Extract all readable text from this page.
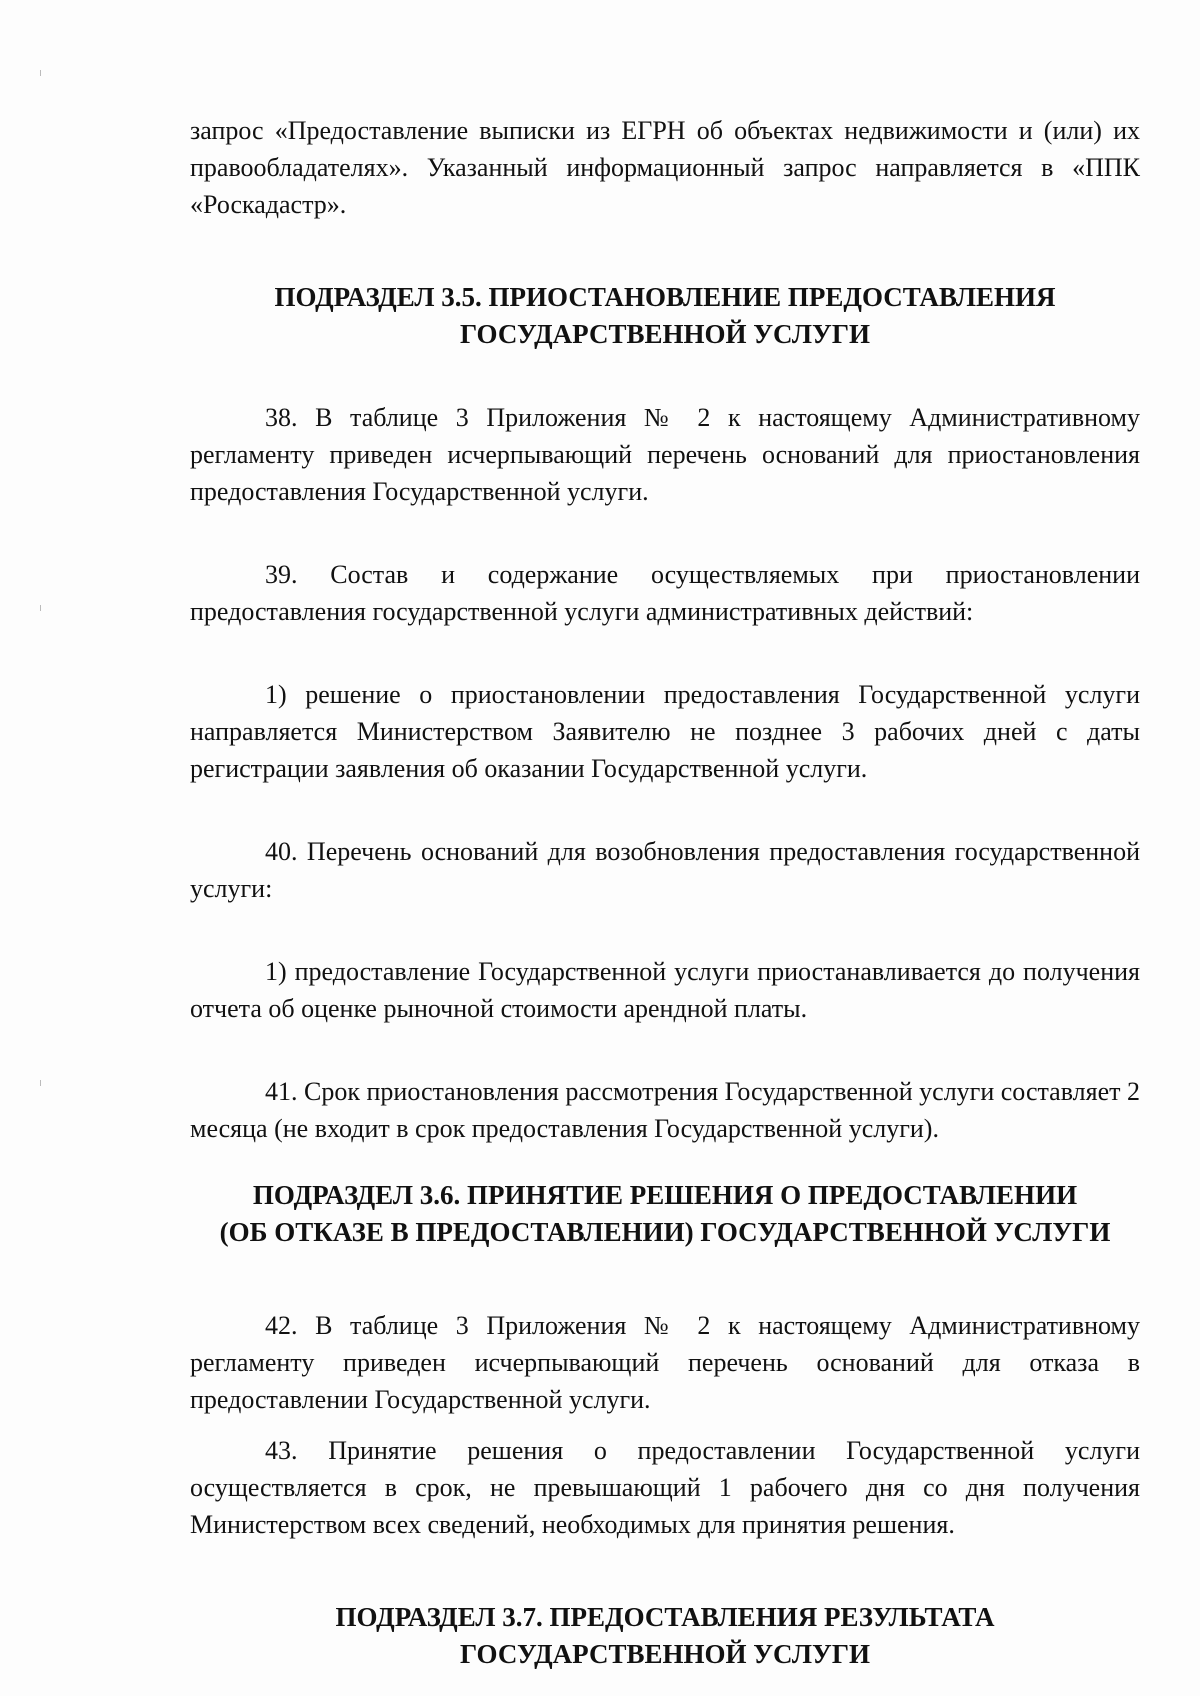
запрос «Предоставление выписки из ЕГРН об объектах недвижимости и (или) их правообладателях». Указанный информационный запрос направляется в «ППК «Роскадастр».

ПОДРАЗДЕЛ 3.5. ПРИОСТАНОВЛЕНИЕ ПРЕДОСТАВЛЕНИЯ
ГОСУДАРСТВЕННОЙ УСЛУГИ

38. В таблице 3 Приложения № 2 к настоящему Административному регламенту приведен исчерпывающий перечень оснований для приостановления предоставления Государственной услуги.

39. Состав и содержание осуществляемых при приостановлении предоставления государственной услуги административных действий:

1) решение о приостановлении предоставления Государственной услуги направляется Министерством Заявителю не позднее 3 рабочих дней с даты регистрации заявления об оказании Государственной услуги.

40. Перечень оснований для возобновления предоставления государственной услуги:

1) предоставление Государственной услуги приостанавливается до получения отчета об оценке рыночной стоимости арендной платы.

41. Срок приостановления рассмотрения Государственной услуги составляет 2 месяца (не входит в срок предоставления Государственной услуги).

ПОДРАЗДЕЛ 3.6. ПРИНЯТИЕ РЕШЕНИЯ О ПРЕДОСТАВЛЕНИИ
(ОБ ОТКАЗЕ В ПРЕДОСТАВЛЕНИИ) ГОСУДАРСТВЕННОЙ УСЛУГИ

42. В таблице 3 Приложения № 2 к настоящему Административному регламенту приведен исчерпывающий перечень оснований для отказа в предоставлении Государственной услуги.

43. Принятие решения о предоставлении Государственной услуги осуществляется в срок, не превышающий 1 рабочего дня со дня получения Министерством всех сведений, необходимых для принятия решения.

ПОДРАЗДЕЛ 3.7. ПРЕДОСТАВЛЕНИЯ РЕЗУЛЬТАТА
ГОСУДАРСТВЕННОЙ УСЛУГИ
